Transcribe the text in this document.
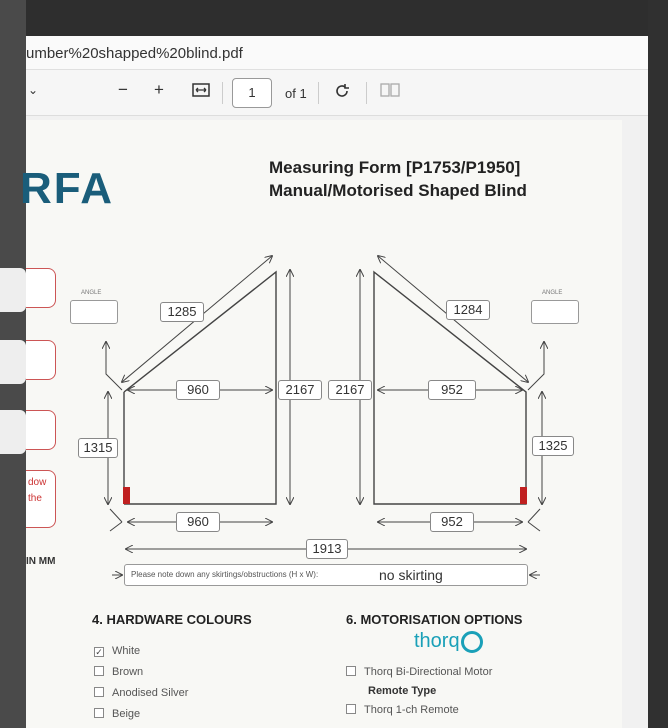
umber%20shapped%20blind.pdf
⌄	− +	1	of 1
RFA	Measuring Form [P1753/P1950]
Manual/Motorised Shaped Blind
dow
the
IN MM
ANGLE	ANGLE
1285
960	2167
1315
960
1284
952
2167
1325
952
1913
Please note down any skirtings/obstructions (H x W):	no skirting
4. HARDWARE COLOURS
✓ White
Brown
Anodised Silver
Beige
6. MOTORISATION OPTIONS
thorq
Thorq Bi-Directional Motor
Remote Type
Thorq 1-ch Remote
